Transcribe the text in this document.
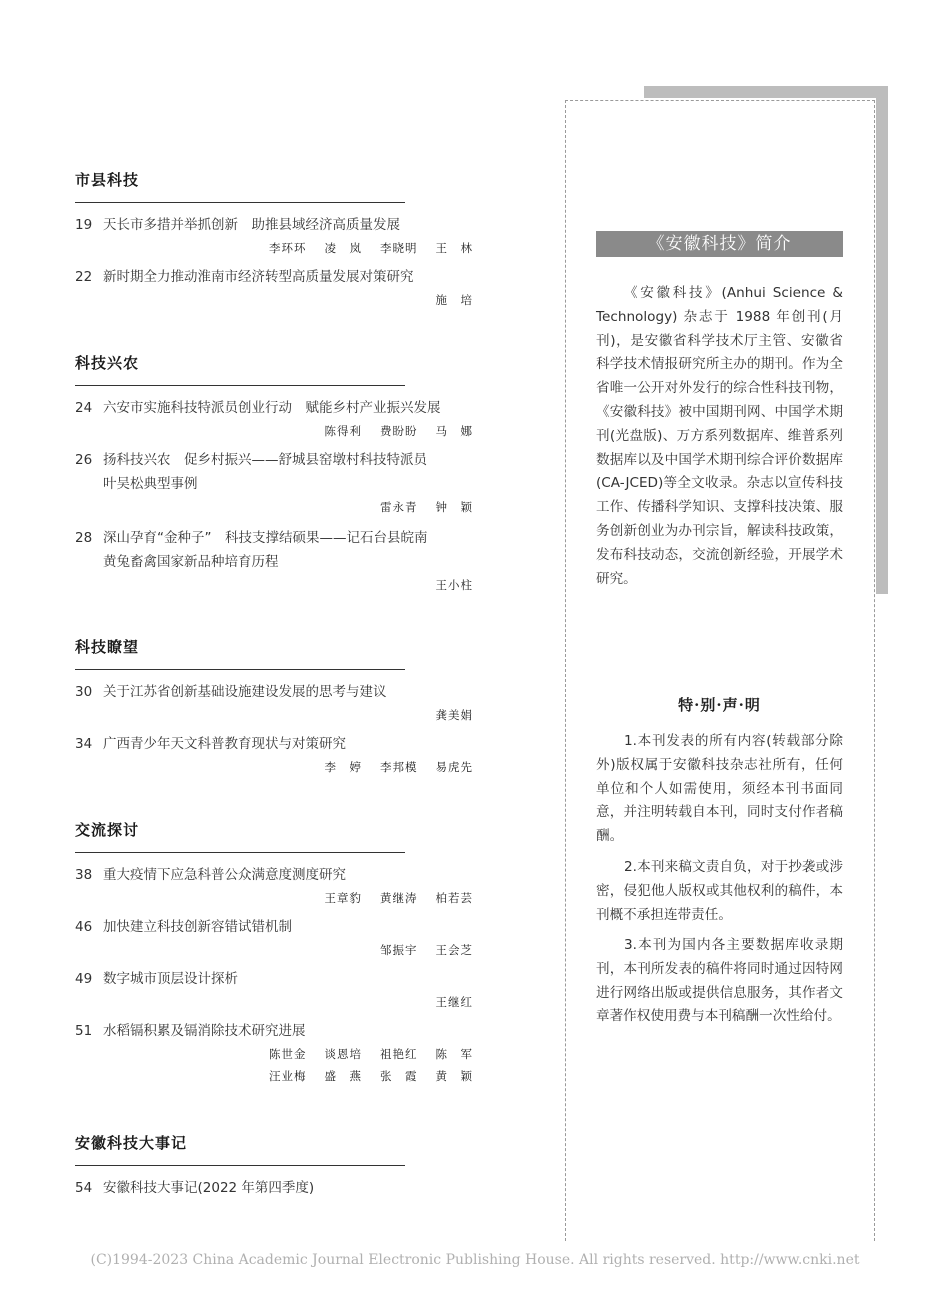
市县科技
19 天长市多措并举抓创新　助推县域经济高质量发展
李环环 凌　岚 李晓明 王　林
22 新时期全力推动淮南市经济转型高质量发展对策研究
施　培
科技兴农
24 六安市实施科技特派员创业行动　赋能乡村产业振兴发展
陈得利 费盼盼 马　娜
26 扬科技兴农　促乡村振兴——舒城县窑墩村科技特派员
叶吴松典型事例
雷永青 钟　颖
28 深山孕育“金种子”　科技支撑结硕果——记石台县皖南
黄兔畜禽国家新品种培育历程
王小柱
科技瞭望
30 关于江苏省创新基础设施建设发展的思考与建议
龚美娟
34 广西青少年天文科普教育现状与对策研究
李　婷 李邦模 易虎先
交流探讨
38 重大疫情下应急科普公众满意度测度研究
王章豹 黄继涛 柏若芸
46 加快建立科技创新容错试错机制
邹振宇 王会芝
49 数字城市顶层设计探析
王继红
51 水稻镉积累及镉消除技术研究进展
陈世金 谈恩培 祖艳红 陈　军
汪业梅 盛　燕 张　霞 黄　颖
安徽科技大事记
54 安徽科技大事记(2022 年第四季度)
《安徽科技》简介
《安徽科技》(Anhui Science & Technology) 杂志于 1988 年创刊(月刊)，是安徽省科学技术厅主管、安徽省科学技术情报研究所主办的期刊。作为全省唯一公开对外发行的综合性科技刊物，《安徽科技》被中国期刊网、中国学术期刊(光盘版)、万方系列数据库、维普系列数据库以及中国学术期刊综合评价数据库(CA-JCED)等全文收录。杂志以宣传科技工作、传播科学知识、支撑科技决策、服务创新创业为办刊宗旨，解读科技政策，发布科技动态，交流创新经验，开展学术研究。
特·别·声·明
1.本刊发表的所有内容(转载部分除外)版权属于安徽科技杂志社所有，任何单位和个人如需使用，须经本刊书面同意，并注明转载自本刊，同时支付作者稿酬。
2.本刊来稿文责自负，对于抄袭或涉密，侵犯他人版权或其他权利的稿件，本刊概不承担连带责任。
3.本刊为国内各主要数据库收录期刊，本刊所发表的稿件将同时通过因特网进行网络出版或提供信息服务，其作者文章著作权使用费与本刊稿酬一次性给付。
(C)1994-2023 China Academic Journal Electronic Publishing House. All rights reserved. http://www.cnki.net
